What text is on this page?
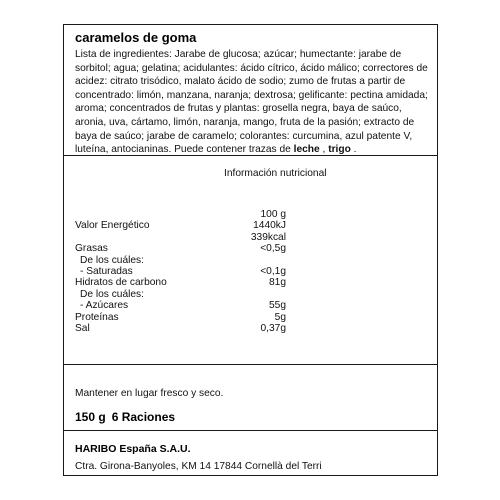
caramelos de goma
Lista de ingredientes: Jarabe de glucosa; azúcar; humectante: jarabe de sorbitol; agua; gelatina; acidulantes: ácido cítrico, ácido málico; correctores de acidez: citrato trisódico, malato ácido de sodio; zumo de frutas a partir de concentrado: limón, manzana, naranja; dextrosa; gelificante: pectina amidada; aroma; concentrados de frutas y plantas: grosella negra, baya de saúco, aronia, uva, cártamo, limón, naranja, mango, fruta de la pasión; extracto de baya de saúco; jarabe de caramelo; colorantes: curcumina, azul patente V, luteína, antocianinas. Puede contener trazas de leche , trigo .
Información nutricional
100 g
Valor Energético	1440kJ
339kcal
Grasas	<0,5g
De los cuáles:
- Saturadas	<0,1g
Hidratos de carbono	81g
De los cuáles:
- Azúcares	55g
Proteínas	5g
Sal	0,37g
Mantener en lugar fresco y seco.
150 g 6 Raciones
HARIBO España S.A.U.
Ctra. Girona-Banyoles, KM 14 17844 Cornellà del Terri
